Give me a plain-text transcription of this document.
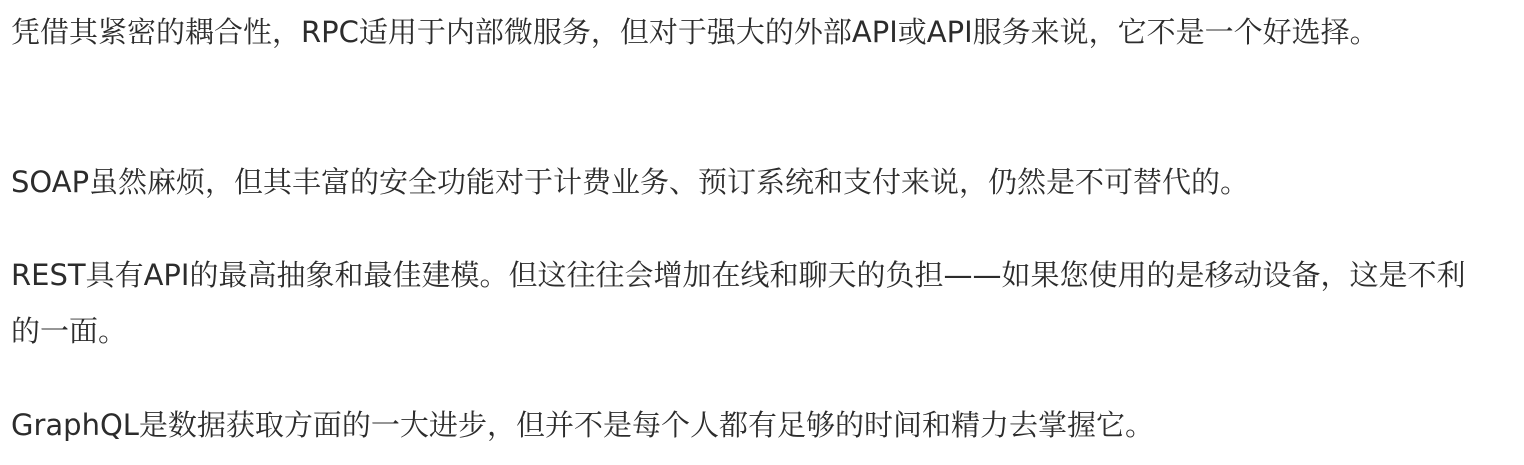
凭借其紧密的耦合性，RPC适用于内部微服务，但对于强大的外部API或API服务来说，它不是一个好选择。

SOAP虽然麻烦，但其丰富的安全功能对于计费业务、预订系统和支付来说，仍然是不可替代的。

REST具有API的最高抽象和最佳建模。但这往往会增加在线和聊天的负担——如果您使用的是移动设备，这是不利的一面。

GraphQL是数据获取方面的一大进步，但并不是每个人都有足够的时间和精力去掌握它。
